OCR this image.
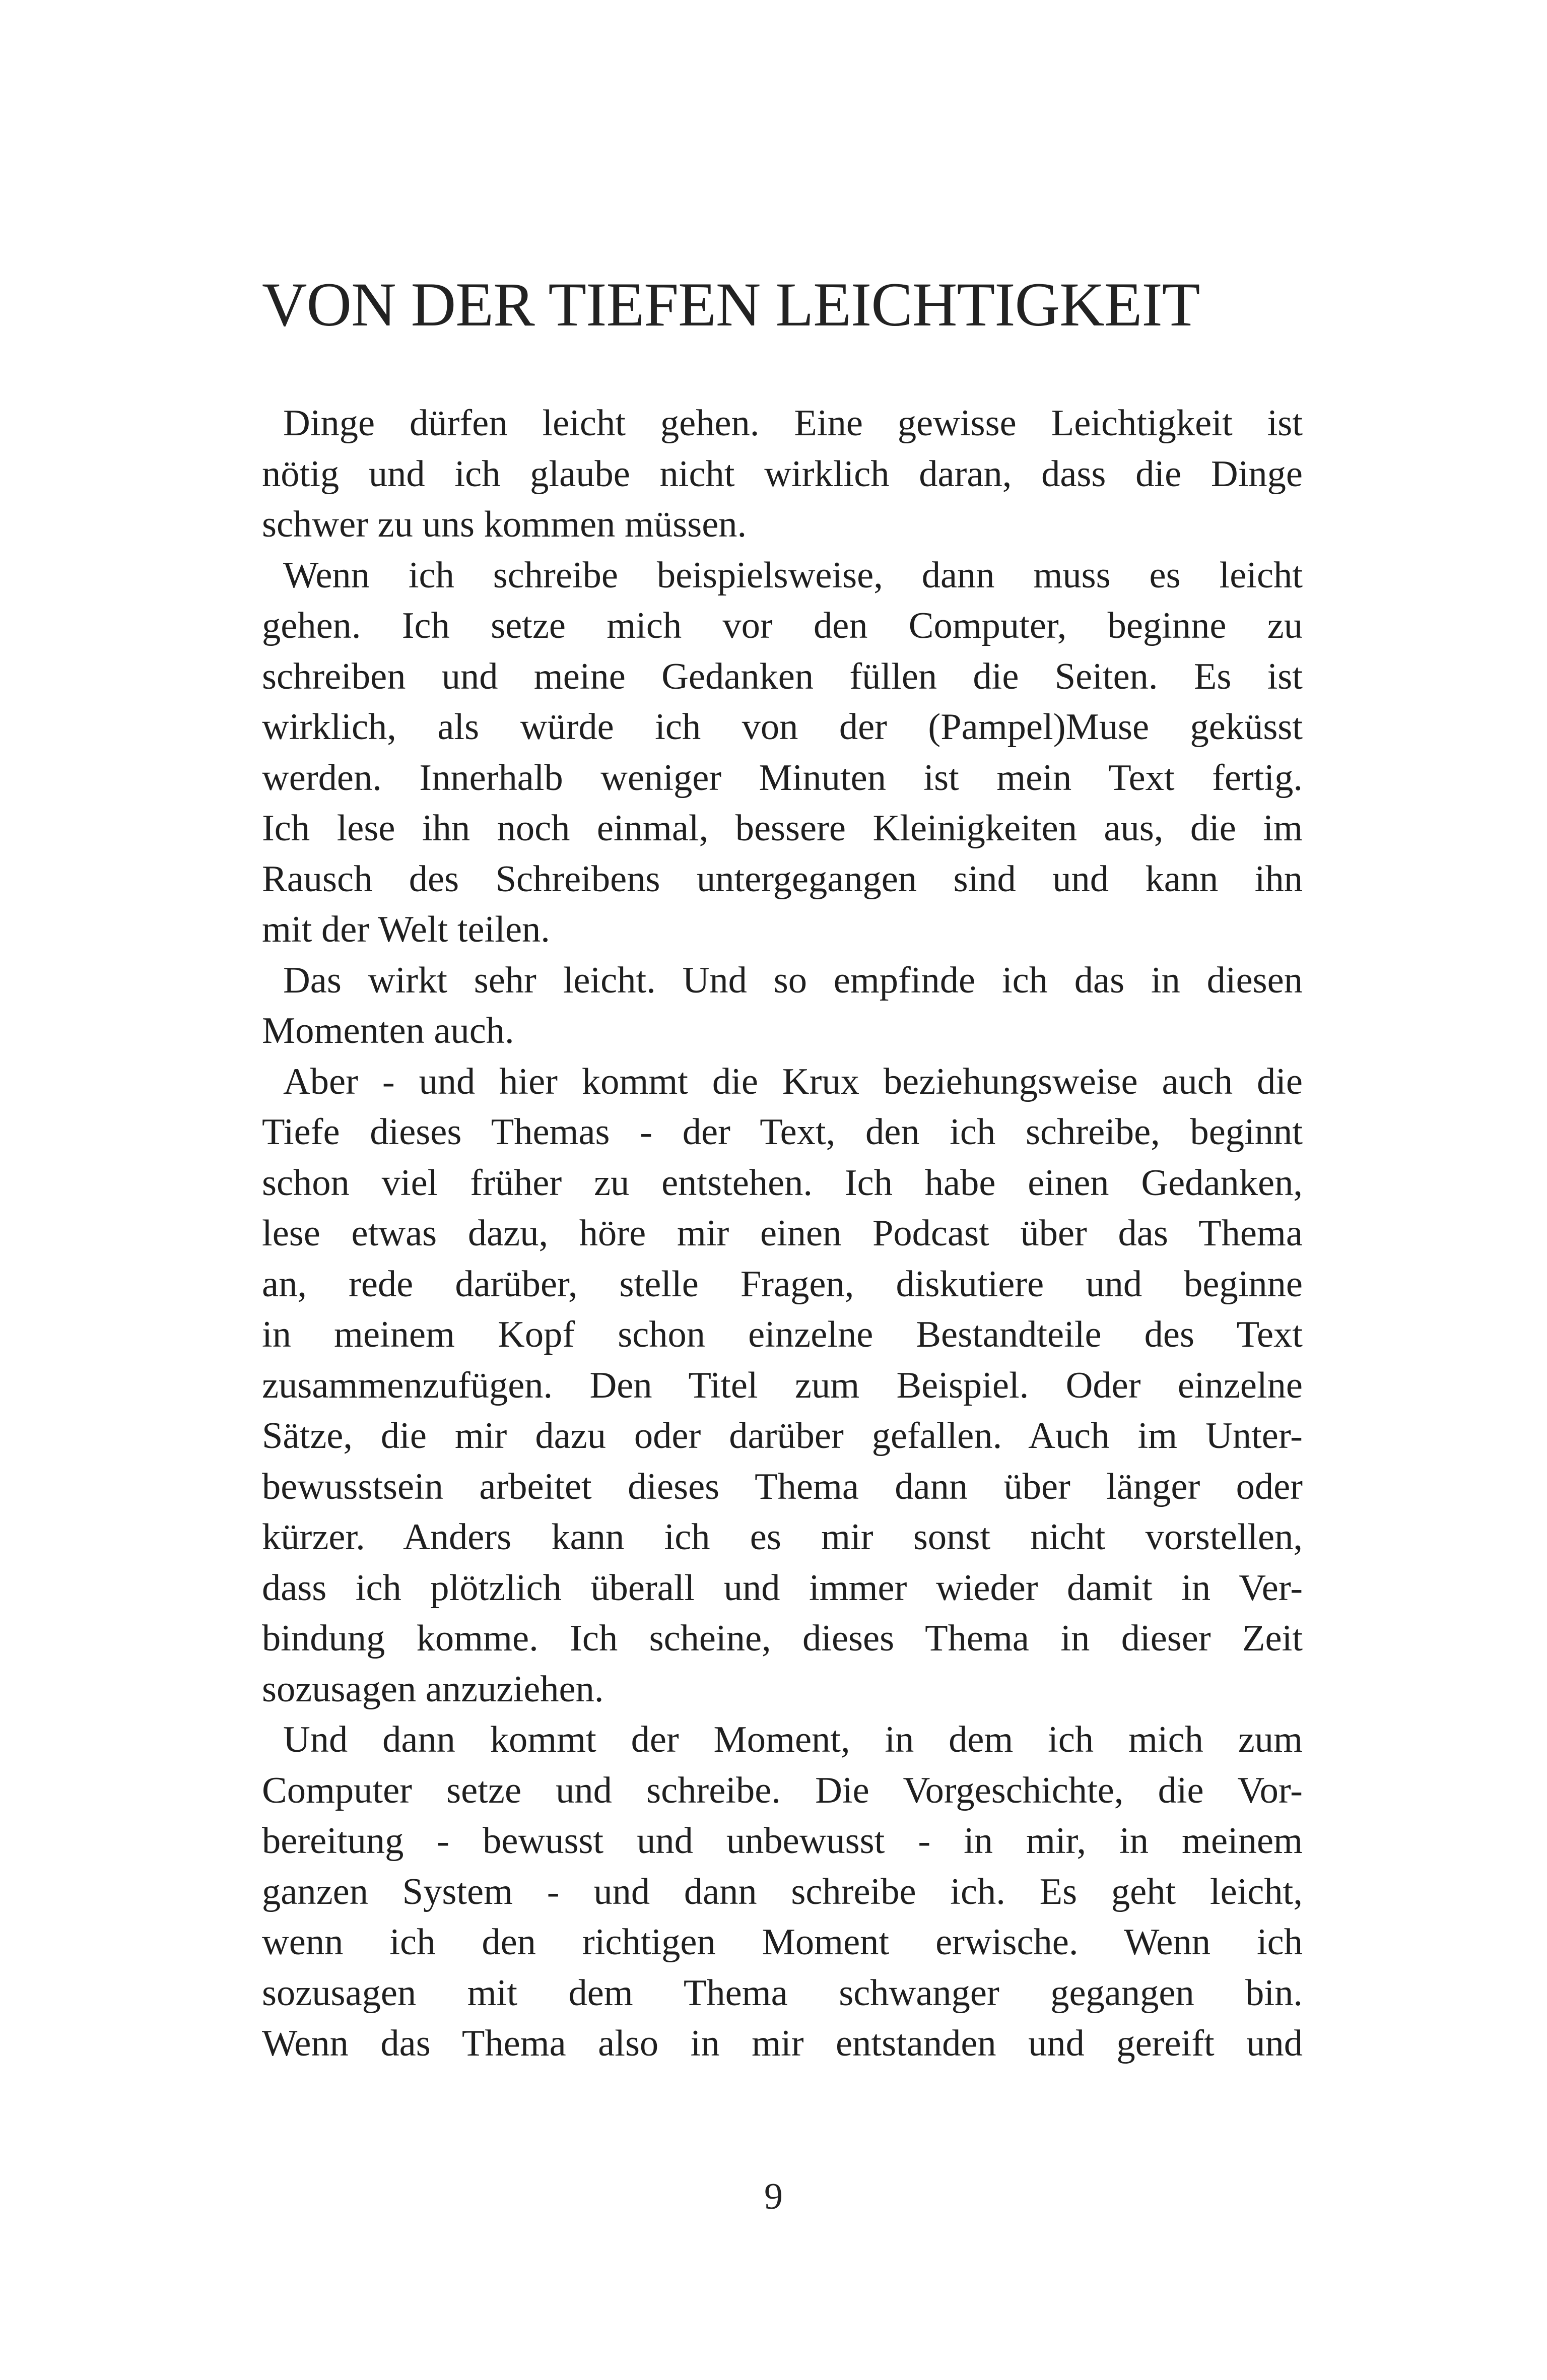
VON DER TIEFEN LEICHTIGKEIT
Dinge dürfen leicht gehen. Eine gewisse Leichtigkeit ist
nötig und ich glaube nicht wirklich daran, dass die Dinge
schwer zu uns kommen müssen.
Wenn ich schreibe beispielsweise, dann muss es leicht
gehen. Ich setze mich vor den Computer, beginne zu
schreiben und meine Gedanken füllen die Seiten. Es ist
wirklich, als würde ich von der (Pampel)Muse geküsst
werden. Innerhalb weniger Minuten ist mein Text fertig.
Ich lese ihn noch einmal, bessere Kleinigkeiten aus, die im
Rausch des Schreibens untergegangen sind und kann ihn
mit der Welt teilen.
Das wirkt sehr leicht. Und so empfinde ich das in diesen
Momenten auch.
Aber - und hier kommt die Krux beziehungsweise auch die
Tiefe dieses Themas - der Text, den ich schreibe, beginnt
schon viel früher zu entstehen. Ich habe einen Gedanken,
lese etwas dazu, höre mir einen Podcast über das Thema
an, rede darüber, stelle Fragen, diskutiere und beginne
in meinem Kopf schon einzelne Bestandteile des Text
zusammenzufügen. Den Titel zum Beispiel. Oder einzelne
Sätze, die mir dazu oder darüber gefallen. Auch im Unter-
bewusstsein arbeitet dieses Thema dann über länger oder
kürzer. Anders kann ich es mir sonst nicht vorstellen,
dass ich plötzlich überall und immer wieder damit in Ver-
bindung komme. Ich scheine, dieses Thema in dieser Zeit
sozusagen anzuziehen.
Und dann kommt der Moment, in dem ich mich zum
Computer setze und schreibe. Die Vorgeschichte, die Vor-
bereitung - bewusst und unbewusst - in mir, in meinem
ganzen System - und dann schreibe ich. Es geht leicht,
wenn ich den richtigen Moment erwische. Wenn ich
sozusagen mit dem Thema schwanger gegangen bin.
Wenn das Thema also in mir entstanden und gereift und
9
